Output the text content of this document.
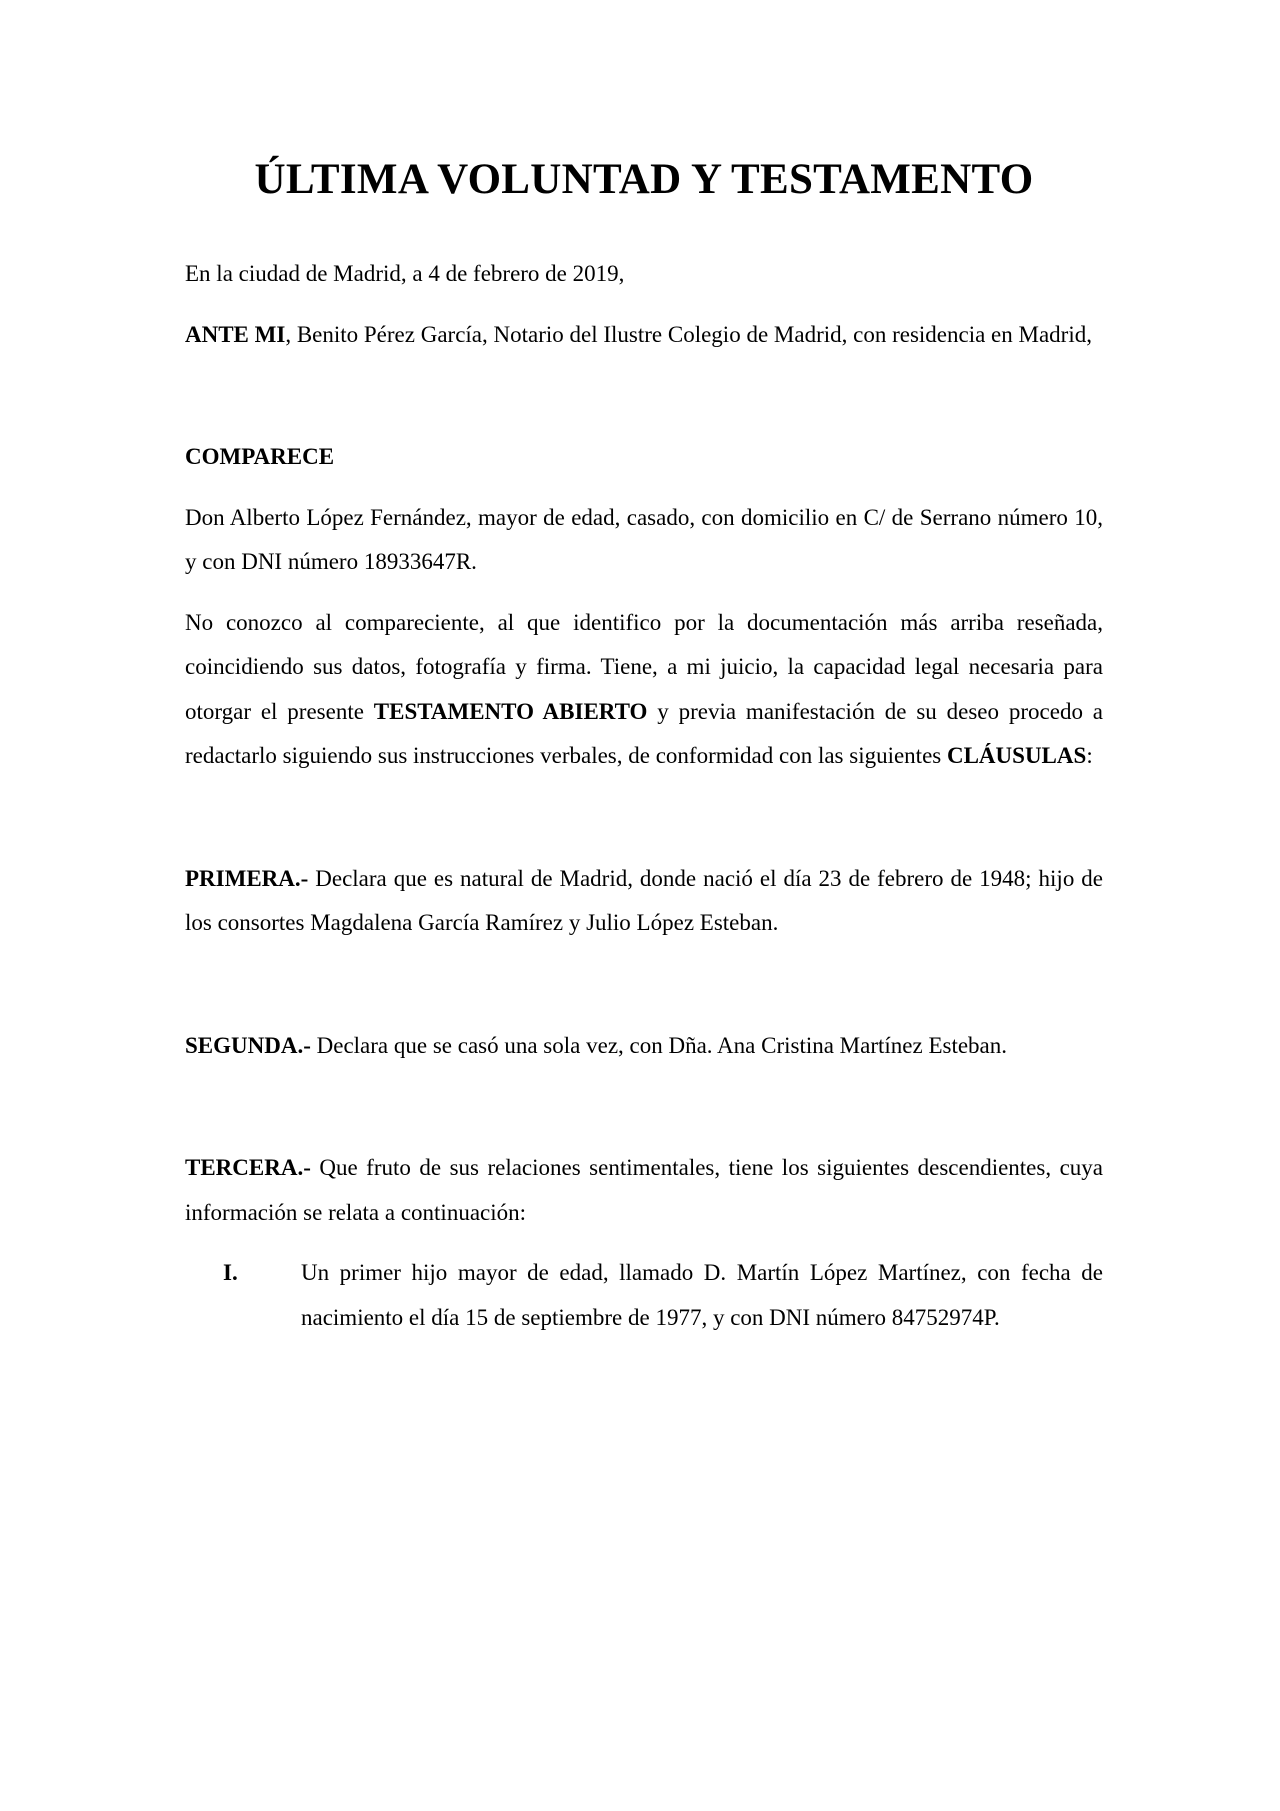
ÚLTIMA VOLUNTAD Y TESTAMENTO

En la ciudad de Madrid, a 4 de febrero de 2019,

ANTE MI, Benito Pérez García, Notario del Ilustre Colegio de Madrid, con residencia en Madrid,

COMPARECE

Don Alberto López Fernández, mayor de edad, casado, con domicilio en C/ de Serrano número 10, y con DNI número 18933647R.

No conozco al compareciente, al que identifico por la documentación más arriba reseñada, coincidiendo sus datos, fotografía y firma. Tiene, a mi juicio, la capacidad legal necesaria para otorgar el presente TESTAMENTO ABIERTO y previa manifestación de su deseo procedo a redactarlo siguiendo sus instrucciones verbales, de conformidad con las siguientes CLÁUSULAS:

PRIMERA.- Declara que es natural de Madrid, donde nació el día 23 de febrero de 1948; hijo de los consortes Magdalena García Ramírez y Julio López Esteban.

SEGUNDA.- Declara que se casó una sola vez, con Dña. Ana Cristina Martínez Esteban.

TERCERA.- Que fruto de sus relaciones sentimentales, tiene los siguientes descendientes, cuya información se relata a continuación:

I.	Un primer hijo mayor de edad, llamado D. Martín López Martínez, con fecha de nacimiento el día 15 de septiembre de 1977, y con DNI número 84752974P.
